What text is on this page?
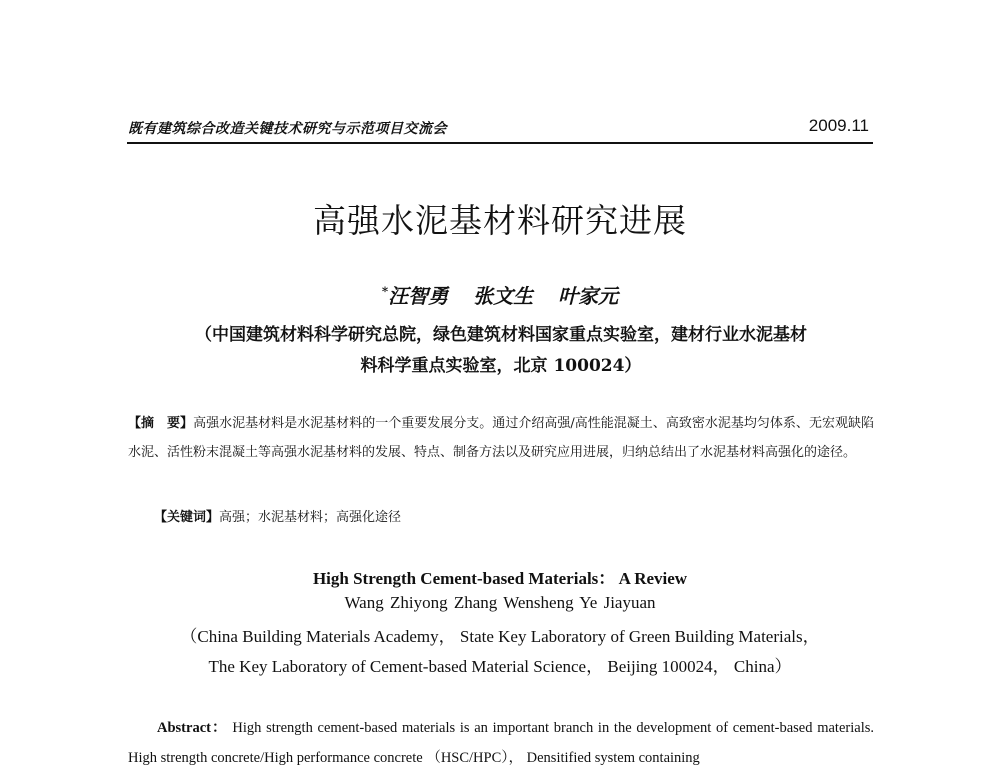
既有建筑综合改造关键技术研究与示范项目交流会	2009.11
高强水泥基材料研究进展
*汪智勇 张文生 叶家元
（中国建筑材料科学研究总院，绿色建筑材料国家重点实验室，建材行业水泥基材
料科学重点实验室，北京 100024）
【摘　要】高强水泥基材料是水泥基材料的一个重要发展分支。通过介绍高强/高性能混凝土、高致密水泥基均匀体系、无宏观缺陷水泥、活性粉末混凝土等高强水泥基材料的发展、特点、制备方法以及研究应用进展，归纳总结出了水泥基材料高强化的途径。
【关键词】高强；水泥基材料；高强化途径
High Strength Cement-based Materials： A Review
Wang Zhiyong Zhang Wensheng Ye Jiayuan
（China Building Materials Academy， State Key Laboratory of Green Building Materials，
The Key Laboratory of Cement-based Material Science， Beijing 100024， China）
Abstract： High strength cement-based materials is an important branch in the development of cement-based materials. High strength concrete/High performance concrete （HSC/HPC）， Densitified system containing
